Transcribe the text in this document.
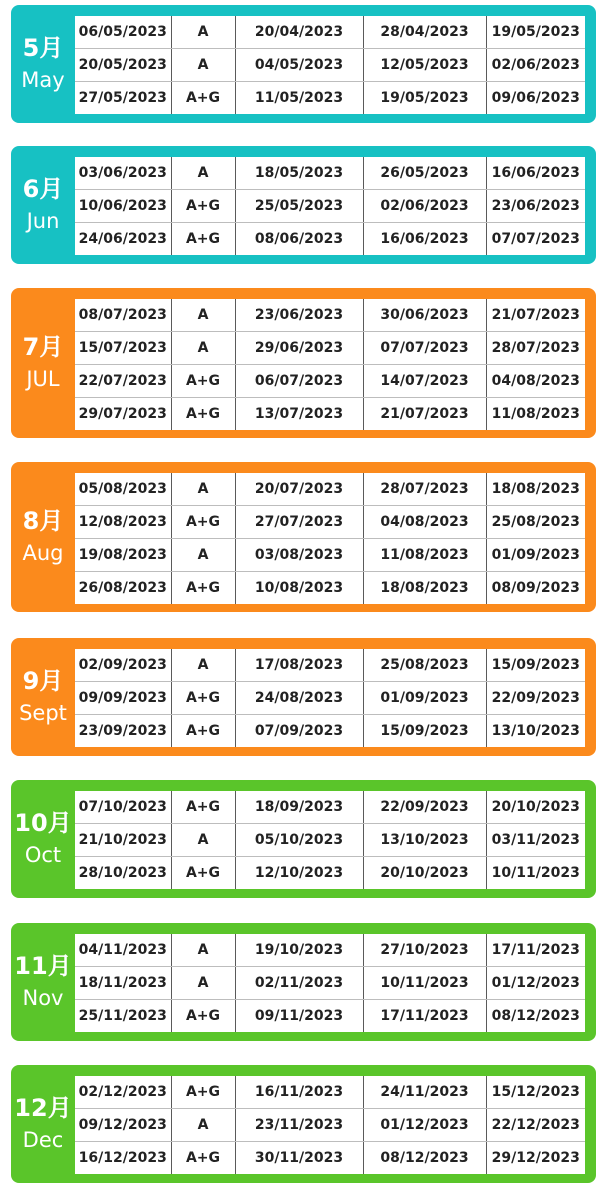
5月
May
06/05/2023	A	20/04/2023	28/04/2023	19/05/2023
20/05/2023	A	04/05/2023	12/05/2023	02/06/2023
27/05/2023	A+G	11/05/2023	19/05/2023	09/06/2023
6月
Jun
03/06/2023	A	18/05/2023	26/05/2023	16/06/2023
10/06/2023	A+G	25/05/2023	02/06/2023	23/06/2023
24/06/2023	A+G	08/06/2023	16/06/2023	07/07/2023
7月
JUL
08/07/2023	A	23/06/2023	30/06/2023	21/07/2023
15/07/2023	A	29/06/2023	07/07/2023	28/07/2023
22/07/2023	A+G	06/07/2023	14/07/2023	04/08/2023
29/07/2023	A+G	13/07/2023	21/07/2023	11/08/2023
8月
Aug
05/08/2023	A	20/07/2023	28/07/2023	18/08/2023
12/08/2023	A+G	27/07/2023	04/08/2023	25/08/2023
19/08/2023	A	03/08/2023	11/08/2023	01/09/2023
26/08/2023	A+G	10/08/2023	18/08/2023	08/09/2023
9月
Sept
02/09/2023	A	17/08/2023	25/08/2023	15/09/2023
09/09/2023	A+G	24/08/2023	01/09/2023	22/09/2023
23/09/2023	A+G	07/09/2023	15/09/2023	13/10/2023
10月
Oct
07/10/2023	A+G	18/09/2023	22/09/2023	20/10/2023
21/10/2023	A	05/10/2023	13/10/2023	03/11/2023
28/10/2023	A+G	12/10/2023	20/10/2023	10/11/2023
11月
Nov
04/11/2023	A	19/10/2023	27/10/2023	17/11/2023
18/11/2023	A	02/11/2023	10/11/2023	01/12/2023
25/11/2023	A+G	09/11/2023	17/11/2023	08/12/2023
12月
Dec
02/12/2023	A+G	16/11/2023	24/11/2023	15/12/2023
09/12/2023	A	23/11/2023	01/12/2023	22/12/2023
16/12/2023	A+G	30/11/2023	08/12/2023	29/12/2023
